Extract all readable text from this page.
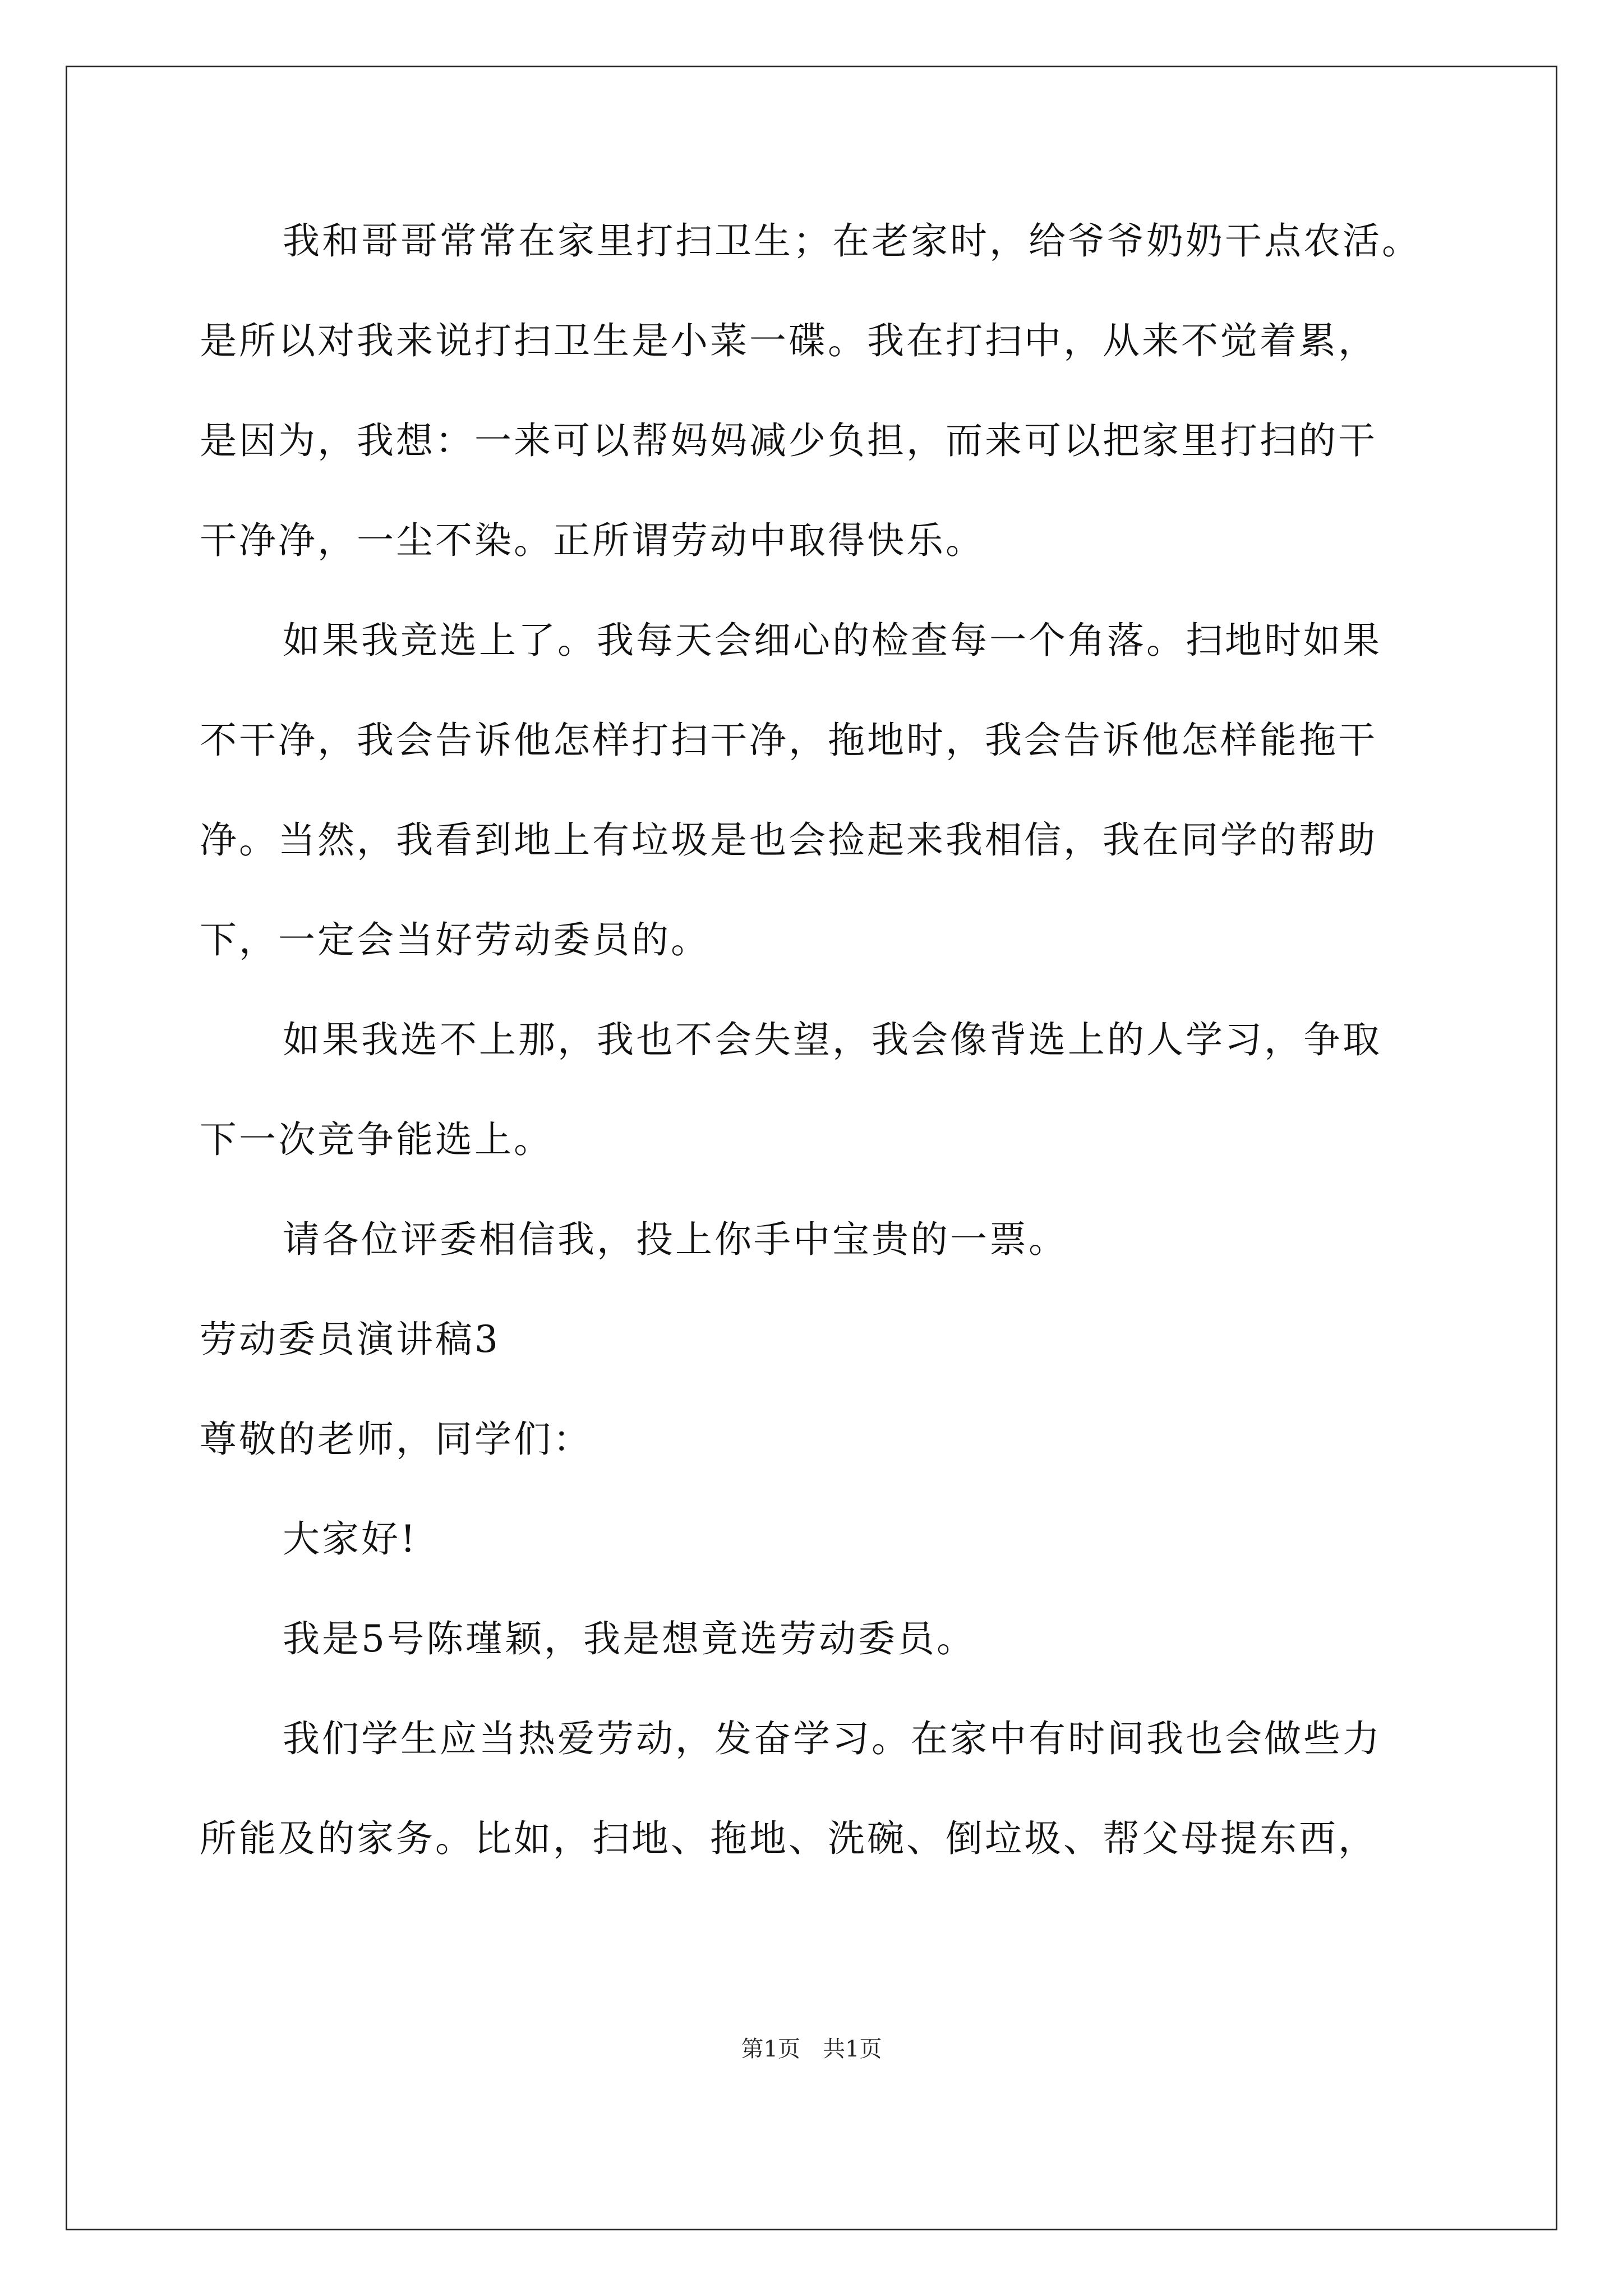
我和哥哥常常在家里打扫卫生；在老家时，给爷爷奶奶干点农活。
是所以对我来说打扫卫生是小菜一碟。我在打扫中，从来不觉着累，
是因为，我想：一来可以帮妈妈减少负担，而来可以把家里打扫的干
干净净，一尘不染。正所谓劳动中取得快乐。
如果我竞选上了。我每天会细心的检查每一个角落。扫地时如果
不干净，我会告诉他怎样打扫干净，拖地时，我会告诉他怎样能拖干
净。当然，我看到地上有垃圾是也会捡起来我相信，我在同学的帮助
下，一定会当好劳动委员的。
如果我选不上那，我也不会失望，我会像背选上的人学习，争取
下一次竞争能选上。
请各位评委相信我，投上你手中宝贵的一票。
劳动委员演讲稿3
尊敬的老师，同学们：
大家好!
我是5号陈瑾颖，我是想竟选劳动委员。
我们学生应当热爱劳动，发奋学习。在家中有时间我也会做些力
所能及的家务。比如，扫地、拖地、洗碗、倒垃圾、帮父母提东西，
第1页　共1页
